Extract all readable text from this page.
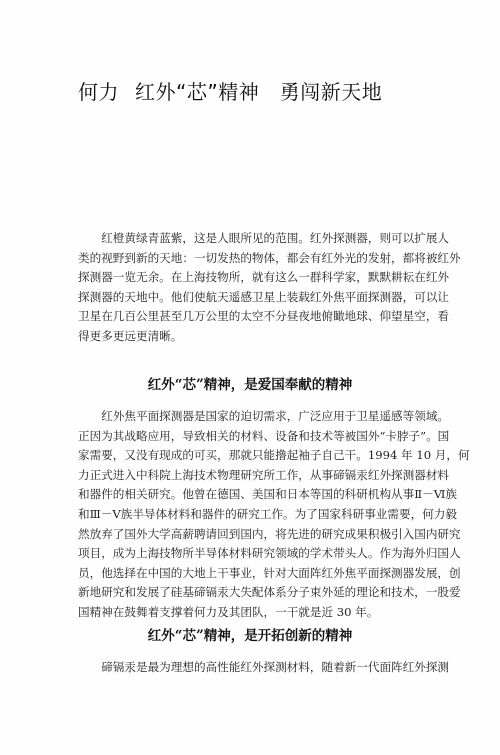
何力 红外“芯”精神　勇闯新天地

　　红橙黄绿青蓝紫，这是人眼所见的范围。红外探测器，则可以扩展人
类的视野到新的天地：一切发热的物体，都会有红外光的发射，都将被红外
探测器一览无余。在上海技物所，就有这么一群科学家，默默耕耘在红外
探测器的天地中。他们使航天遥感卫星上装载红外焦平面探测器，可以让
卫星在几百公里甚至几万公里的太空不分昼夜地俯瞰地球、仰望星空，看
得更多更远更清晰。

红外“芯”精神，是爱国奉献的精神

　　红外焦平面探测器是国家的迫切需求，广泛应用于卫星遥感等领域。
正因为其战略应用，导致相关的材料、设备和技术等被国外“卡脖子”。国
家需要，又没有现成的可买，那就只能撸起袖子自己干。1994 年 10 月，何
力正式进入中科院上海技术物理研究所工作，从事碲镉汞红外探测器材料
和器件的相关研究。他曾在德国、美国和日本等国的科研机构从事Ⅱ－Ⅵ族
和Ⅲ－Ⅴ族半导体材料和器件的研究工作。为了国家科研事业需要，何力毅
然放弃了国外大学高薪聘请回到国内，将先进的研究成果积极引入国内研究
项目，成为上海技物所半导体材料研究领域的学术带头人。作为海外归国人
员，他选择在中国的大地上干事业，针对大面阵红外焦平面探测器发展，创
新地研究和发展了硅基碲镉汞大失配体系分子束外延的理论和技术，一股爱
国精神在鼓舞着支撑着何力及其团队，一干就是近 30 年。

红外“芯”精神，是开拓创新的精神

　　碲镉汞是最为理想的高性能红外探测材料，随着新一代面阵红外探测
